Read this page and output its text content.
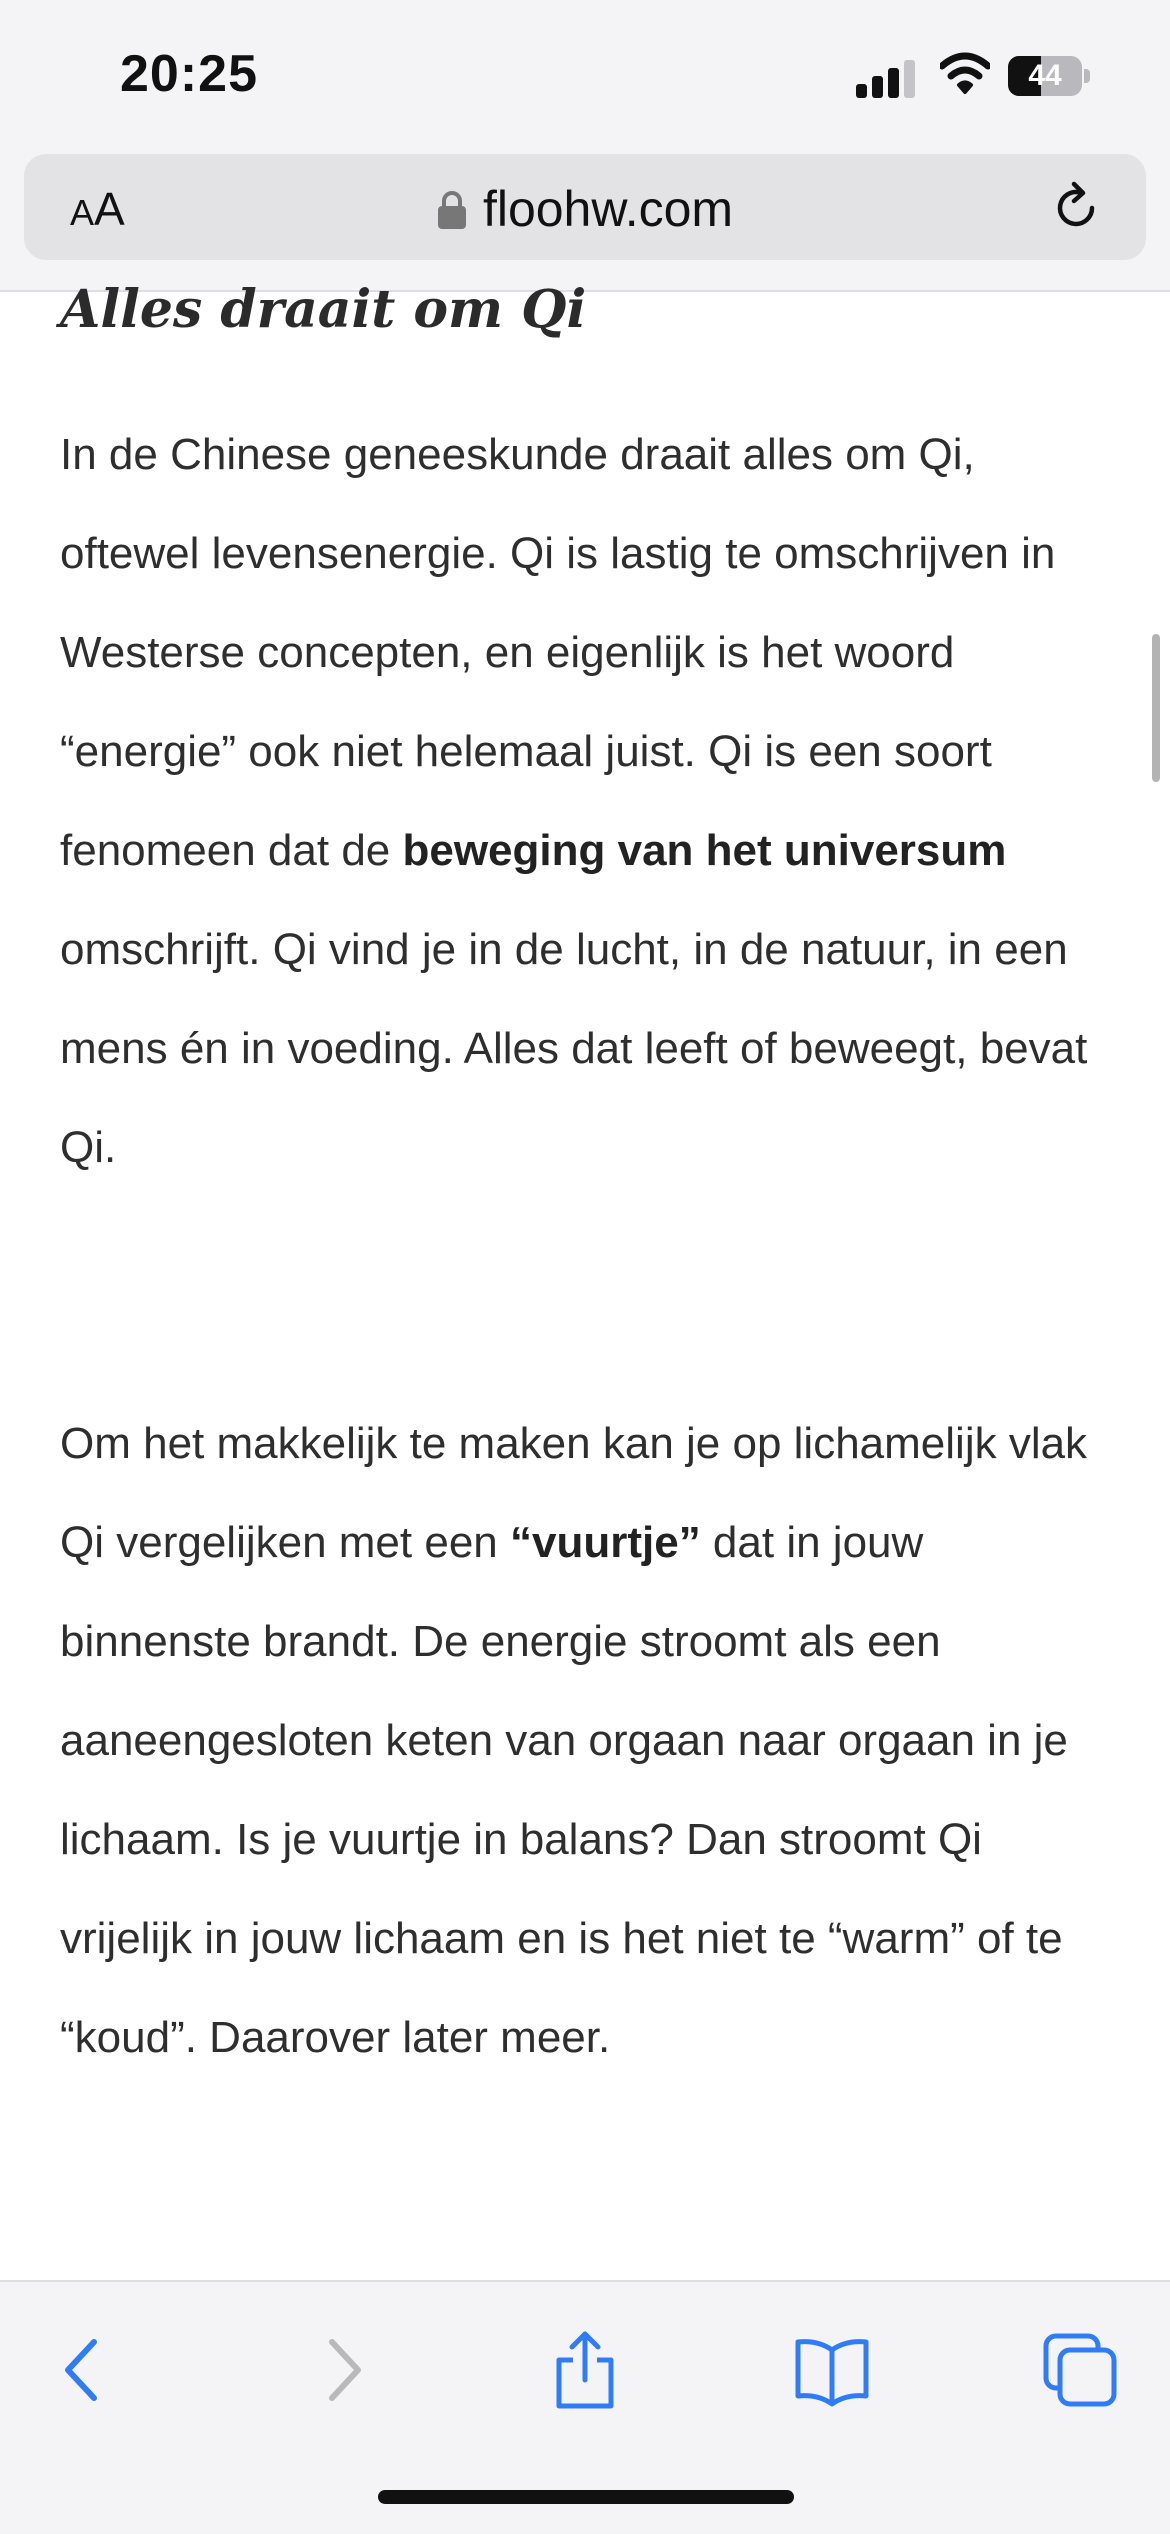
20:25	44
AA	floohw.com
Alles draait om Qi

In de Chinese geneeskunde draait alles om Qi, oftewel levensenergie. Qi is lastig te omschrijven in Westerse concepten, en eigenlijk is het woord “energie” ook niet helemaal juist. Qi is een soort fenomeen dat de beweging van het universum omschrijft. Qi vind je in de lucht, in de natuur, in een mens én in voeding. Alles dat leeft of beweegt, bevat Qi.

Om het makkelijk te maken kan je op lichamelijk vlak Qi vergelijken met een “vuurtje” dat in jouw binnenste brandt. De energie stroomt als een aaneengesloten keten van orgaan naar orgaan in je lichaam. Is je vuurtje in balans? Dan stroomt Qi vrijelijk in jouw lichaam en is het niet te “warm” of te “koud”. Daarover later meer.
